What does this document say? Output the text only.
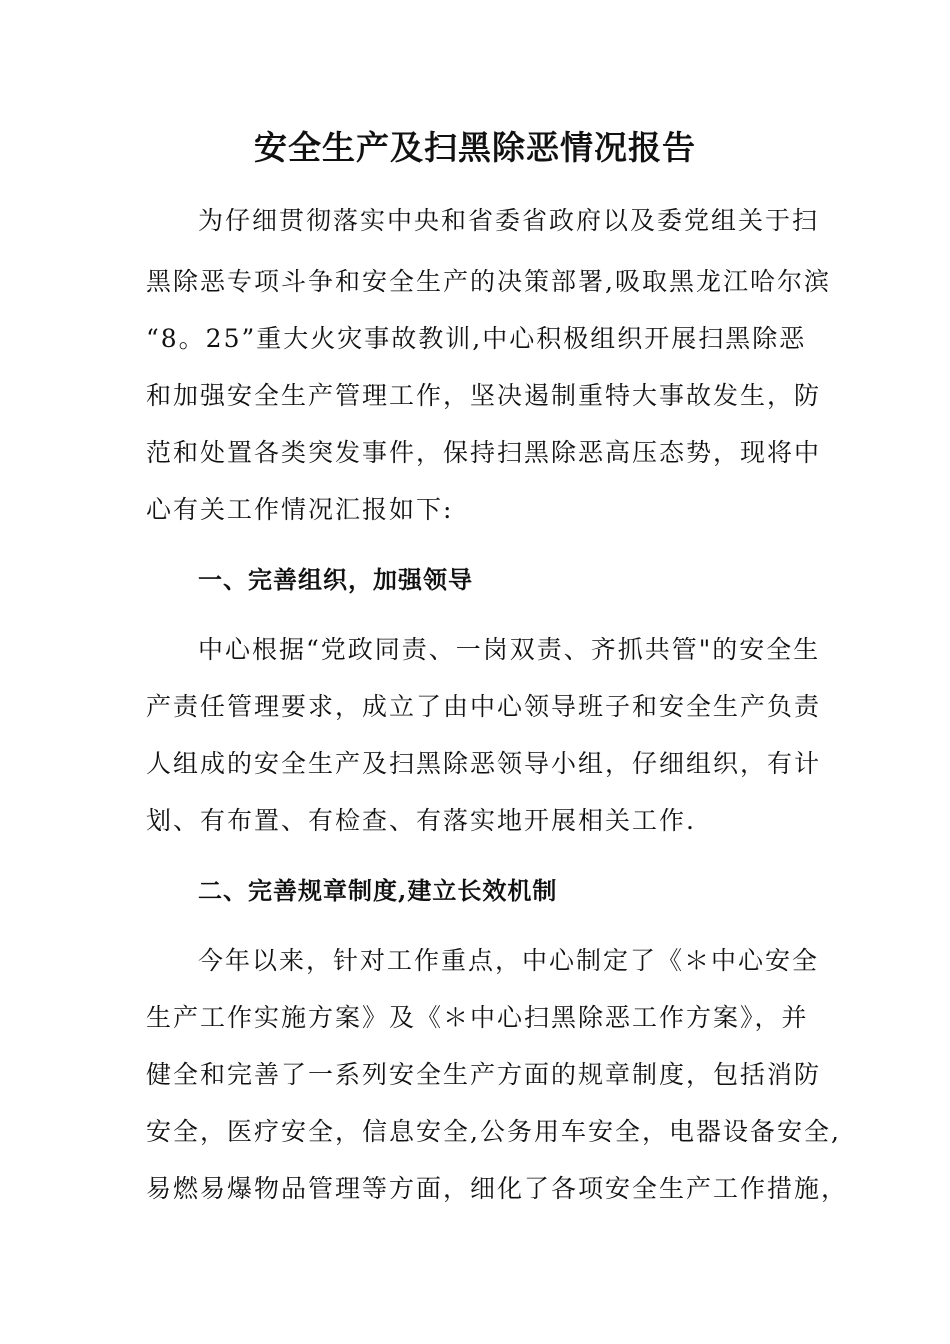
安全生产及扫黑除恶情况报告

为仔细贯彻落实中央和省委省政府以及委党组关于扫

黑除恶专项斗争和安全生产的决策部署,吸取黑龙江哈尔滨

“8。25”重大火灾事故教训,中心积极组织开展扫黑除恶

和加强安全生产管理工作，坚决遏制重特大事故发生，防

范和处置各类突发事件，保持扫黑除恶高压态势，现将中

心有关工作情况汇报如下:

一、完善组织，加强领导

中心根据“党政同责、一岗双责、齐抓共管"的安全生

产责任管理要求，成立了由中心领导班子和安全生产负责

人组成的安全生产及扫黑除恶领导小组，仔细组织，有计

划、有布置、有检查、有落实地开展相关工作.

二、完善规章制度,建立长效机制

今年以来，针对工作重点，中心制定了《＊中心安全

生产工作实施方案》及《＊中心扫黑除恶工作方案》，并

健全和完善了一系列安全生产方面的规章制度，包括消防

安全，医疗安全，信息安全,公务用车安全，电器设备安全,

易燃易爆物品管理等方面，细化了各项安全生产工作措施，
